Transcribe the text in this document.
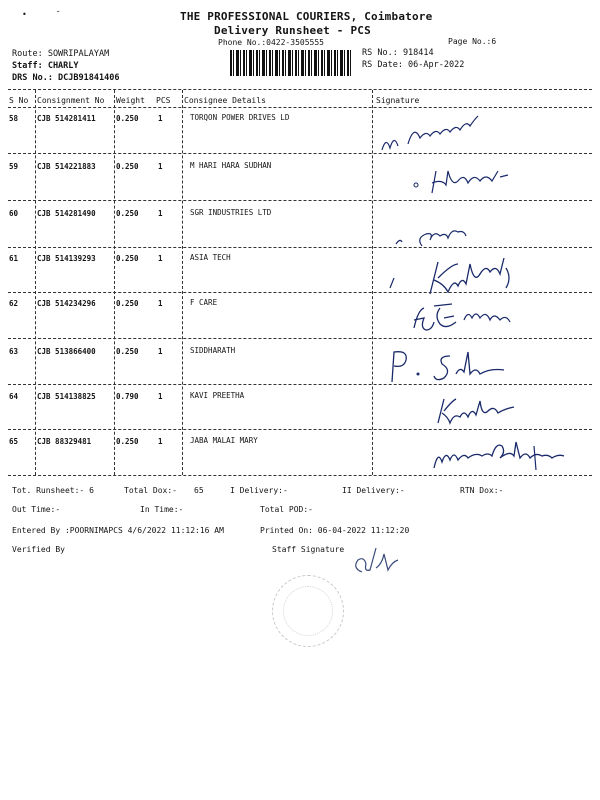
•      ˘	THE PROFESSIONAL COURIERS, Coimbatore
Delivery Runsheet - PCS
Phone No.:0422-3505555	Page No.:6
Route: SOWRIPALAYAM
Staff: CHARLY
DRS No.: DCJB91841406
RS No.: 918414
RS Date: 06-Apr-2022
S No Consignment No Weight PCS Consignee Details	Signature
58	CJB 514281411	0.250	1	TORQON POWER DRIVES LD
59	CJB 514221883	0.250	1	M HARI HARA SUDHAN
60	CJB 514281490	0.250	1	SGR INDUSTRIES LTD
61	CJB 514139293	0.250	1	ASIA TECH
62	CJB 514234296	0.250	1	F CARE
63	CJB 513866400	0.250	1	SIDDHARATH
64	CJB 514138825	0.790	1	KAVI PREETHA
65	CJB 88329481	0.250	1	JABA MALAI MARY
Tot. Runsheet:- 6	Total Dox:- 65	I Delivery:-	II Delivery:-	RTN Dox:-
Out Time:-	In Time:-	Total POD:-
Entered By :POORNIMAPCS 4/6/2022 11:12:16 AM	Printed On: 06-04-2022 11:12:20
Verified By	Staff Signature
